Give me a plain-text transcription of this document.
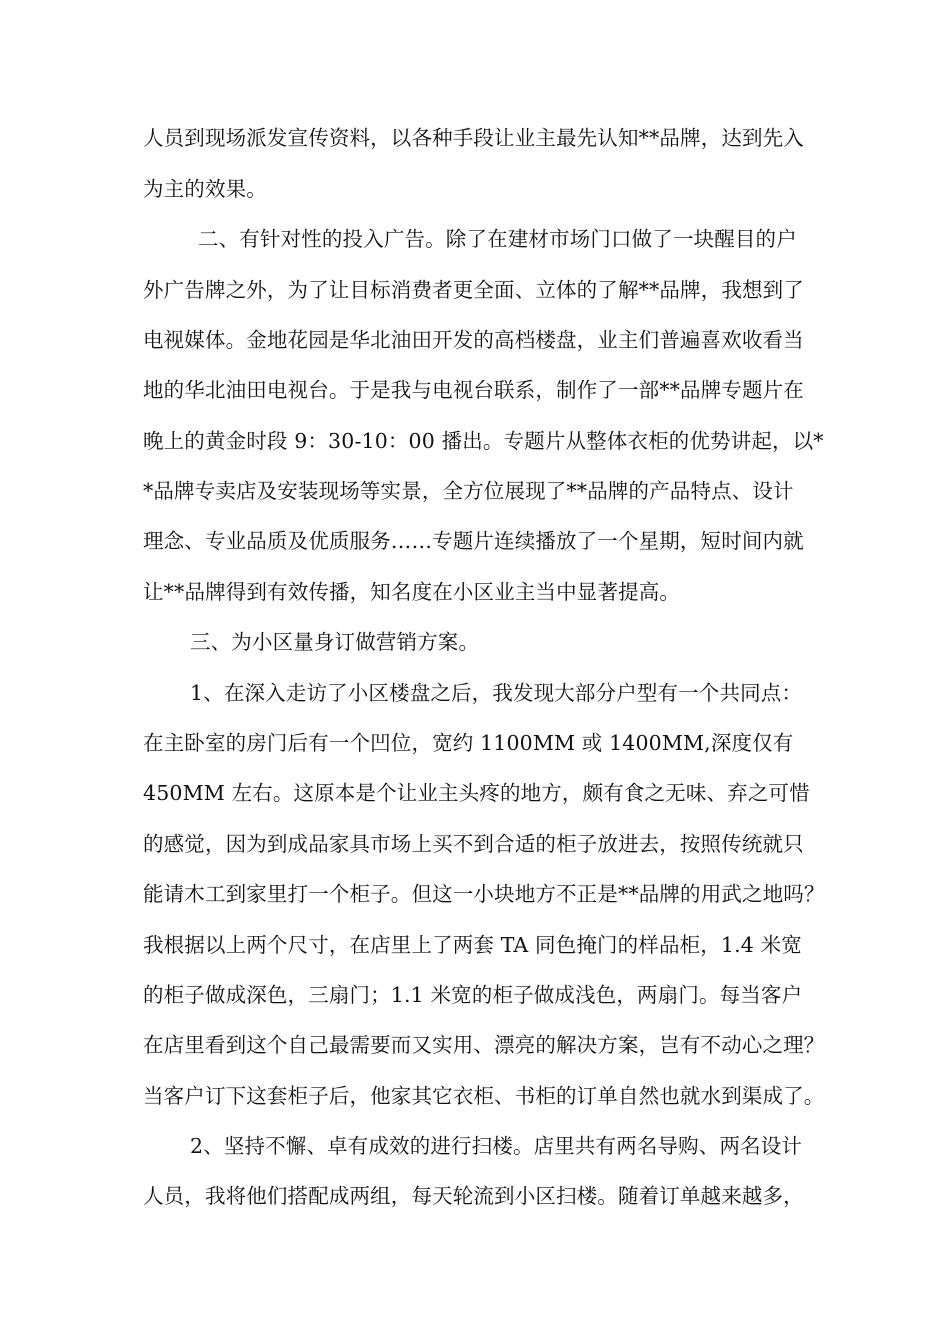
人员到现场派发宣传资料，以各种手段让业主最先认知**品牌，达到先入
为主的效果。
二、有针对性的投入广告。除了在建材市场门口做了一块醒目的户
外广告牌之外，为了让目标消费者更全面、立体的了解**品牌，我想到了
电视媒体。金地花园是华北油田开发的高档楼盘，业主们普遍喜欢收看当
地的华北油田电视台。于是我与电视台联系，制作了一部**品牌专题片在
晚上的黄金时段 9：30-10：00 播出。专题片从整体衣柜的优势讲起，以*
*品牌专卖店及安装现场等实景，全方位展现了**品牌的产品特点、设计
理念、专业品质及优质服务……专题片连续播放了一个星期，短时间内就
让**品牌得到有效传播，知名度在小区业主当中显著提高。
三、为小区量身订做营销方案。
1、在深入走访了小区楼盘之后，我发现大部分户型有一个共同点：
在主卧室的房门后有一个凹位，宽约 1100MM 或 1400MM,深度仅有
450MM 左右。这原本是个让业主头疼的地方，颇有食之无味、弃之可惜
的感觉，因为到成品家具市场上买不到合适的柜子放进去，按照传统就只
能请木工到家里打一个柜子。但这一小块地方不正是**品牌的用武之地吗？
我根据以上两个尺寸，在店里上了两套 TA 同色掩门的样品柜，1.4 米宽
的柜子做成深色，三扇门；1.1 米宽的柜子做成浅色，两扇门。每当客户
在店里看到这个自己最需要而又实用、漂亮的解决方案，岂有不动心之理？
当客户订下这套柜子后，他家其它衣柜、书柜的订单自然也就水到渠成了。
2、坚持不懈、卓有成效的进行扫楼。店里共有两名导购、两名设计
人员，我将他们搭配成两组，每天轮流到小区扫楼。随着订单越来越多，
